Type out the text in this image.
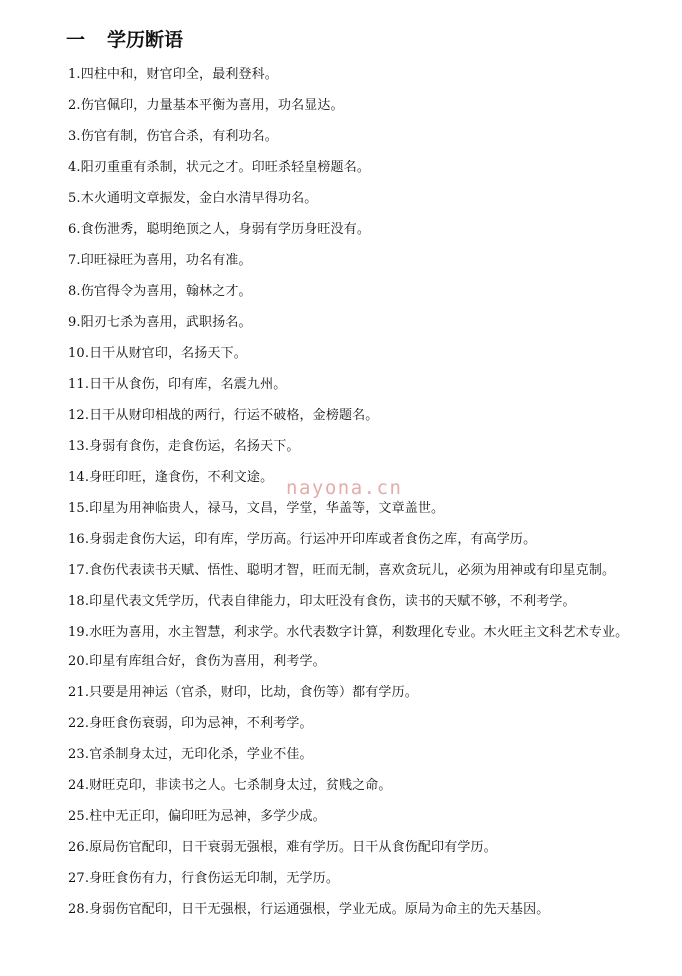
一 学历断语
1.四柱中和，财官印全，最利登科。
2.伤官佩印，力量基本平衡为喜用，功名显达。
3.伤官有制，伤官合杀，有利功名。
4.阳刃重重有杀制，状元之才。印旺杀轻皇榜题名。
5.木火通明文章振发，金白水清早得功名。
6.食伤泄秀，聪明绝顶之人，身弱有学历身旺没有。
7.印旺禄旺为喜用，功名有准。
8.伤官得令为喜用，翰林之才。
9.阳刃七杀为喜用，武职扬名。
10.日干从财官印，名扬天下。
11.日干从食伤，印有库，名震九州。
12.日干从财印相战的两行，行运不破格，金榜题名。
13.身弱有食伤，走食伤运，名扬天下。
14.身旺印旺，逢食伤，不利文途。
15.印星为用神临贵人，禄马，文昌，学堂，华盖等，文章盖世。
16.身弱走食伤大运，印有库，学历高。行运冲开印库或者食伤之库，有高学历。
17.食伤代表读书天赋、悟性、聪明才智，旺而无制，喜欢贪玩儿，必须为用神或有印星克制。
18.印星代表文凭学历，代表自律能力，印太旺没有食伤，读书的天赋不够，不利考学。
19.水旺为喜用，水主智慧，利求学。水代表数字计算，利数理化专业。木火旺主文科艺术专业。
20.印星有库组合好，食伤为喜用，利考学。
21.只要是用神运（官杀，财印，比劫，食伤等）都有学历。
22.身旺食伤衰弱，印为忌神，不利考学。
23.官杀制身太过，无印化杀，学业不佳。
24.财旺克印，非读书之人。七杀制身太过，贫贱之命。
25.柱中无正印，偏印旺为忌神，多学少成。
26.原局伤官配印，日干衰弱无强根，难有学历。日干从食伤配印有学历。
27.身旺食伤有力，行食伤运无印制，无学历。
28.身弱伤官配印，日干无强根，行运通强根，学业无成。原局为命主的先天基因。
nayona.cn
